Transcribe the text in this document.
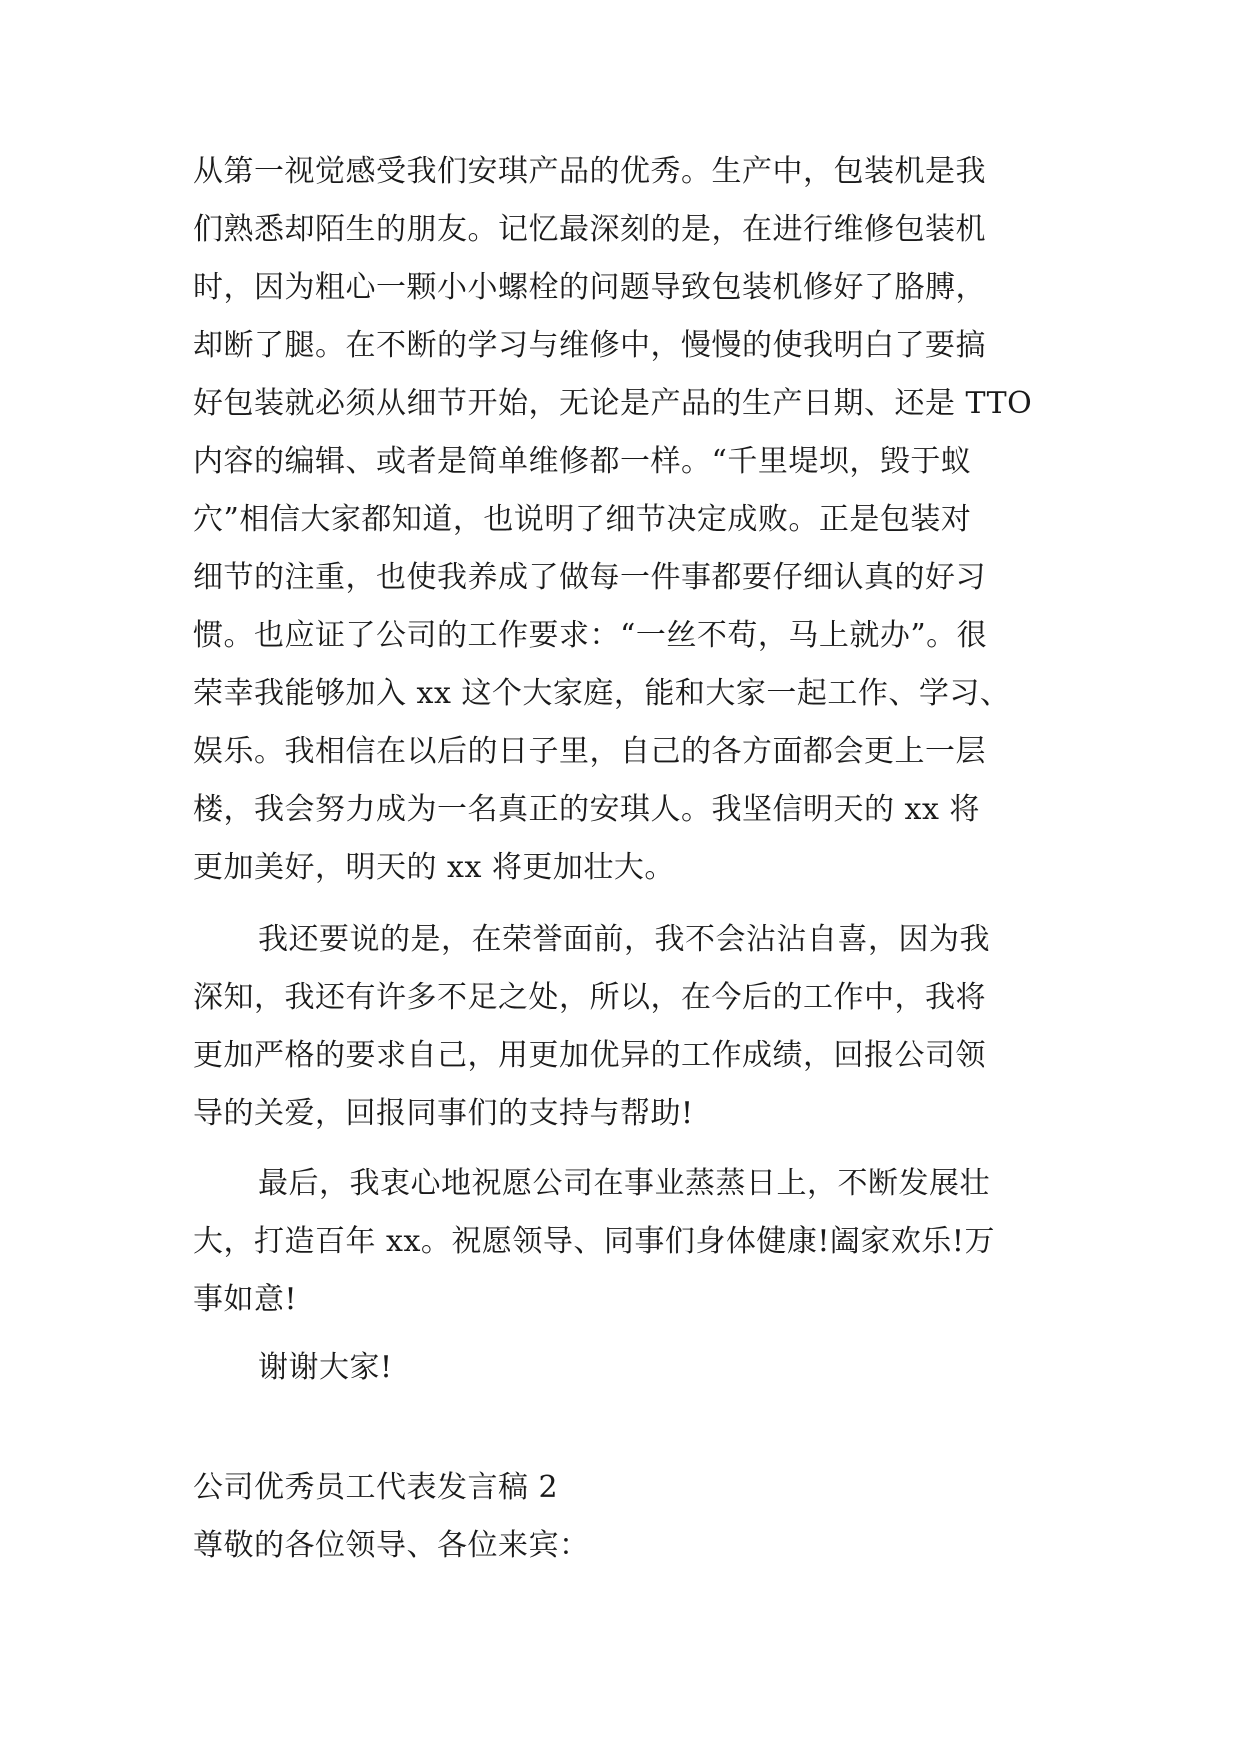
从第一视觉感受我们安琪产品的优秀。生产中，包装机是我
们熟悉却陌生的朋友。记忆最深刻的是，在进行维修包装机
时，因为粗心一颗小小螺栓的问题导致包装机修好了胳膊，
却断了腿。在不断的学习与维修中，慢慢的使我明白了要搞
好包装就必须从细节开始，无论是产品的生产日期、还是 TTO
内容的编辑、或者是简单维修都一样。“千里堤坝，毁于蚁
穴”相信大家都知道，也说明了细节决定成败。正是包装对
细节的注重，也使我养成了做每一件事都要仔细认真的好习
惯。也应证了公司的工作要求：“一丝不苟，马上就办”。很
荣幸我能够加入 xx 这个大家庭，能和大家一起工作、学习、
娱乐。我相信在以后的日子里，自己的各方面都会更上一层
楼，我会努力成为一名真正的安琪人。我坚信明天的 xx 将
更加美好，明天的 xx 将更加壮大。
我还要说的是，在荣誉面前，我不会沾沾自喜，因为我
深知，我还有许多不足之处，所以，在今后的工作中，我将
更加严格的要求自己，用更加优异的工作成绩，回报公司领
导的关爱，回报同事们的支持与帮助!
最后，我衷心地祝愿公司在事业蒸蒸日上，不断发展壮
大，打造百年 xx。祝愿领导、同事们身体健康!阖家欢乐!万
事如意!
谢谢大家!
公司优秀员工代表发言稿 2
尊敬的各位领导、各位来宾：
